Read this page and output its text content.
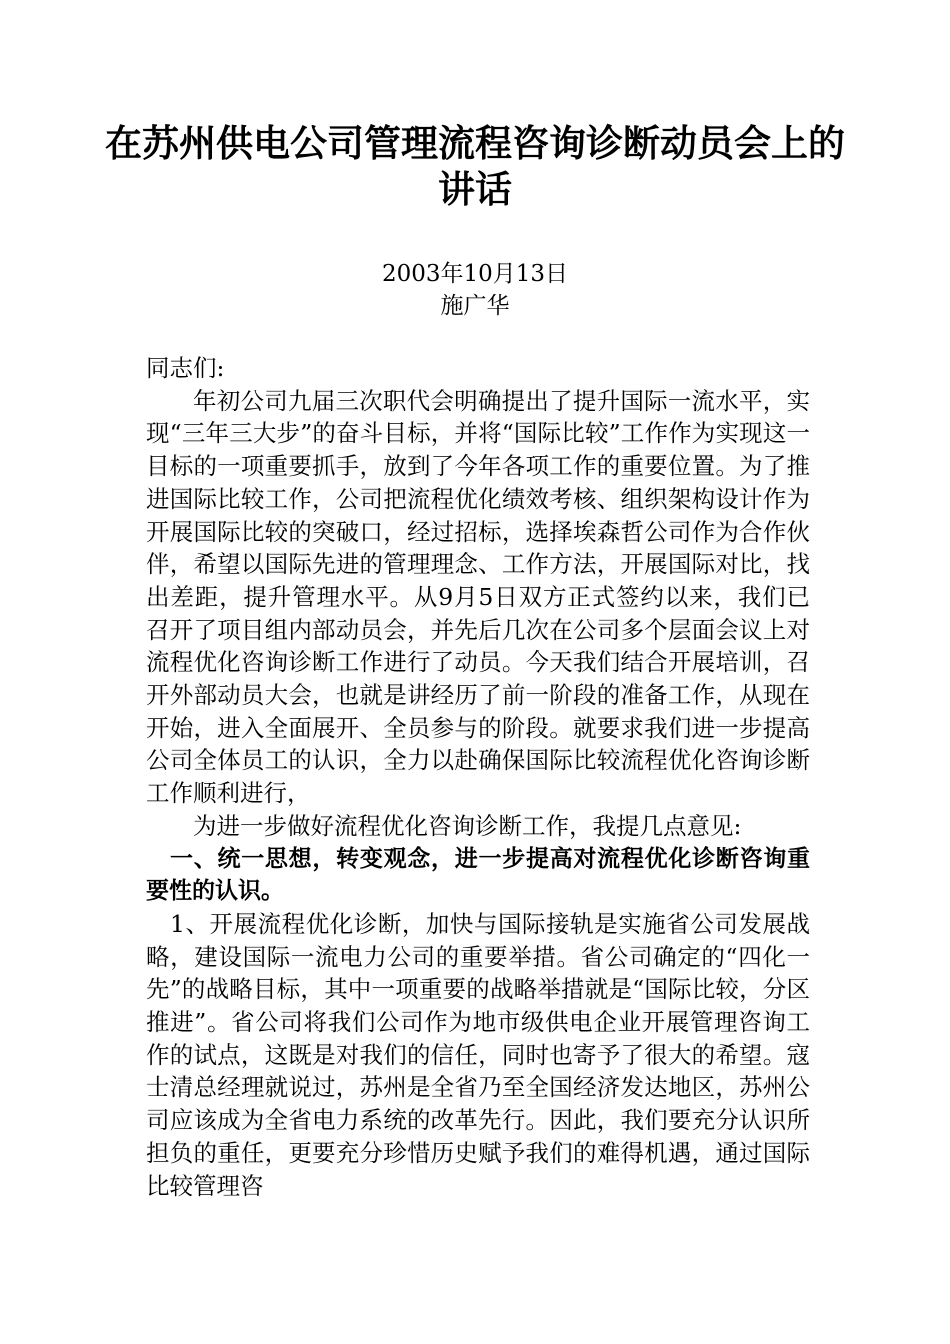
在苏州供电公司管理流程咨询诊断动员会上的讲话
2003年10月13日
施广华

同志们:

年初公司九届三次职代会明确提出了提升国际一流水平，实现“三年三大步”的奋斗目标，并将“国际比较”工作作为实现这一目标的一项重要抓手，放到了今年各项工作的重要位置。为了推进国际比较工作，公司把流程优化绩效考核、组织架构设计作为开展国际比较的突破口，经过招标，选择埃森哲公司作为合作伙伴，希望以国际先进的管理理念、工作方法，开展国际对比，找出差距，提升管理水平。从9月5日双方正式签约以来，我们已召开了项目组内部动员会，并先后几次在公司多个层面会议上对流程优化咨询诊断工作进行了动员。今天我们结合开展培训，召开外部动员大会，也就是讲经历了前一阶段的准备工作，从现在开始，进入全面展开、全员参与的阶段。就要求我们进一步提高公司全体员工的认识，全力以赴确保国际比较流程优化咨询诊断工作顺利进行，

为进一步做好流程优化咨询诊断工作，我提几点意见:

一、统一思想，转变观念，进一步提高对流程优化诊断咨询重要性的认识。

1、开展流程优化诊断，加快与国际接轨是实施省公司发展战略，建设国际一流电力公司的重要举措。省公司确定的“四化一先”的战略目标，其中一项重要的战略举措就是“国际比较，分区推进”。省公司将我们公司作为地市级供电企业开展管理咨询工作的试点，这既是对我们的信任，同时也寄予了很大的希望。寇士清总经理就说过，苏州是全省乃至全国经济发达地区，苏州公司应该成为全省电力系统的改革先行。因此，我们要充分认识所担负的重任，更要充分珍惜历史赋予我们的难得机遇，通过国际比较管理咨
